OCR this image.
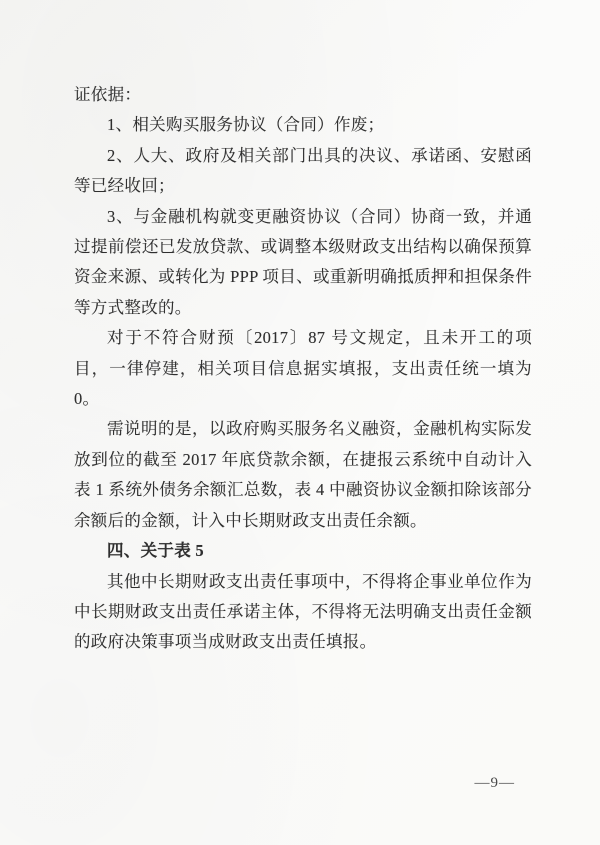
证依据：

1、相关购买服务协议（合同）作废；

2、人大、政府及相关部门出具的决议、承诺函、安慰函等已经收回；

3、与金融机构就变更融资协议（合同）协商一致，并通过提前偿还已发放贷款、或调整本级财政支出结构以确保预算资金来源、或转化为 PPP 项目、或重新明确抵质押和担保条件等方式整改的。

对于不符合财预〔2017〕87 号文规定，且未开工的项目，一律停建，相关项目信息据实填报，支出责任统一填为 0。

需说明的是，以政府购买服务名义融资，金融机构实际发放到位的截至 2017 年底贷款余额，在捷报云系统中自动计入表 1 系统外债务余额汇总数，表 4 中融资协议金额扣除该部分余额后的金额，计入中长期财政支出责任余额。

四、关于表 5

其他中长期财政支出责任事项中，不得将企事业单位作为中长期财政支出责任承诺主体，不得将无法明确支出责任金额的政府决策事项当成财政支出责任填报。

—9—
